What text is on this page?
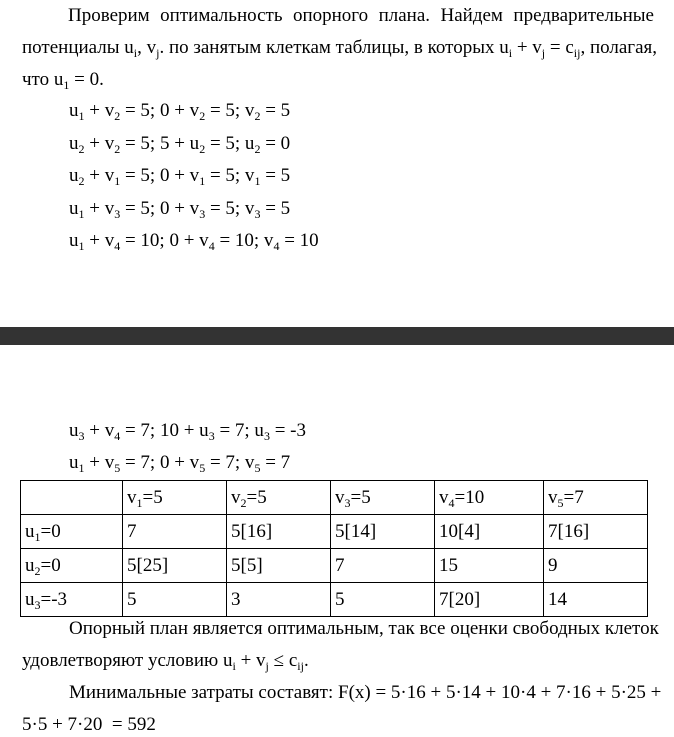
Проверим оптимальность опорного плана. Найдем предварительные
потенциалы $u_i$, $v_j$. по занятым клеткам таблицы, в которых $u_i + v_j = c_{ij}$, полагая,
что $u_1 = 0$.
$u_1 + v_2 = 5$; $0 + v_2 = 5$; $v_2 = 5$
$u_2 + v_2 = 5$; $5 + u_2 = 5$; $u_2 = 0$
$u_2 + v_1 = 5$; $0 + v_1 = 5$; $v_1 = 5$
$u_1 + v_3 = 5$; $0 + v_3 = 5$; $v_3 = 5$
$u_1 + v_4 = 10$; $0 + v_4 = 10$; $v_4 = 10$
$u_3 + v_4 = 7$; $10 + u_3 = 7$; $u_3 = -3$
$u_1 + v_5 = 7$; $0 + v_5 = 7$; $v_5 = 7$
	$v_1=5$	$v_2=5$	$v_3=5$	$v_4=10$	$v_5=7$
$u_1=0$	7	5[16]	5[14]	10[4]	7[16]
$u_2=0$	5[25]	5[5]	7	15	9
$u_3=-3$	5	3	5	7[20]	14
Опорный план является оптимальным, так все оценки свободных клеток
удовлетворяют условию $u_i + v_j \le c_{ij}$.
Минимальные затраты составят: F(x) = 5·16 + 5·14 + 10·4 + 7·16 + 5·25 +
5·5 + 7·20  = 592
